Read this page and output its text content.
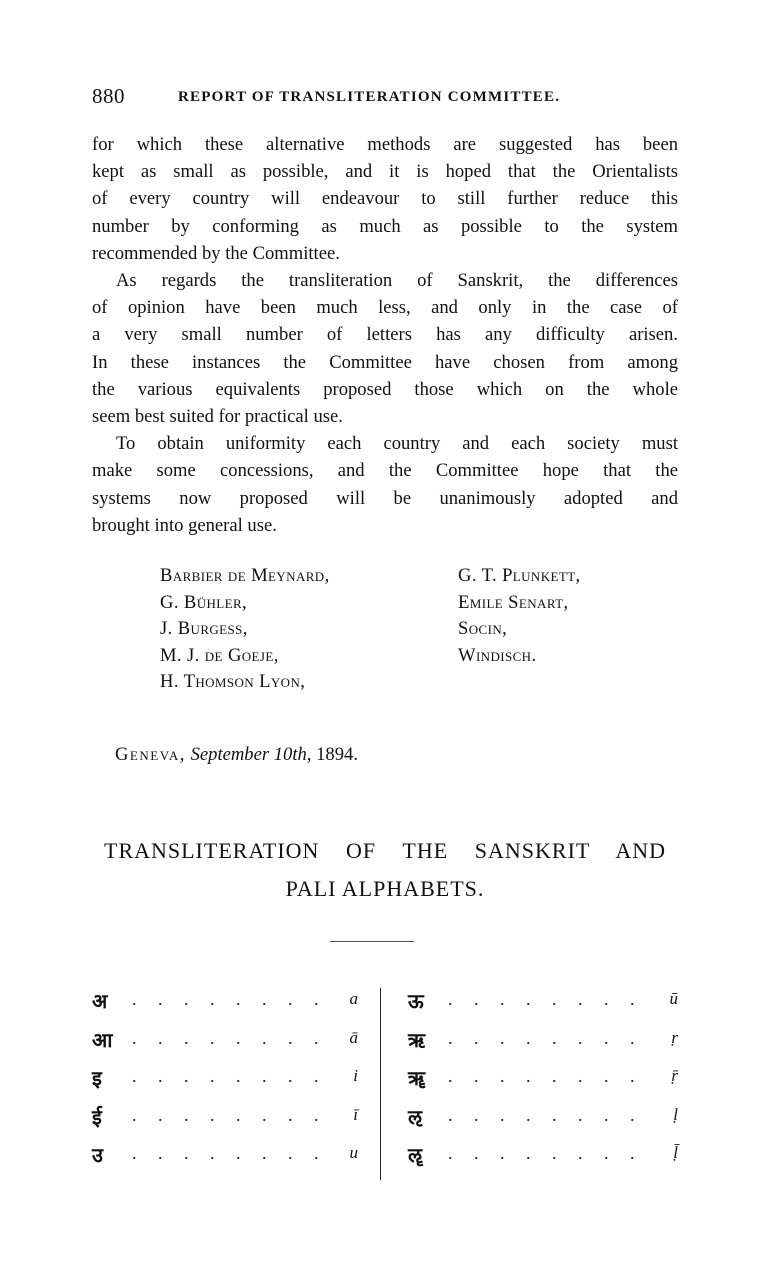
880	REPORT OF TRANSLITERATION COMMITTEE.
for which these alternative methods are suggested has been
kept as small as possible, and it is hoped that the Orientalists
of every country will endeavour to still further reduce this
number by conforming as much as possible to the system
recommended by the Committee.
As regards the transliteration of Sanskrit, the differences
of opinion have been much less, and only in the case of
a very small number of letters has any difficulty arisen.
In these instances the Committee have chosen from among
the various equivalents proposed those which on the whole
seem best suited for practical use.
To obtain uniformity each country and each society must
make some concessions, and the Committee hope that the
systems now proposed will be unanimously adopted and
brought into general use.
Barbier de Meynard,
G. Bühler,
J. Burgess,
M. J. de Goeje,
H. Thomson Lyon,
G. T. Plunkett,
Emile Senart,
Socin,
Windisch.
Geneva, September 10th, 1894.
TRANSLITERATION OF THE SANSKRIT AND
PALI ALPHABETS.
अ . . .	a
आ . . .	ā
इ . . .	i
ई . . .	ī
उ . . .	u
ऊ . . .	ū
ऋ . . .	ṛ
ॠ . . .	ṝ
ऌ . . .	ḷ
ॡ . . .	ḹ
